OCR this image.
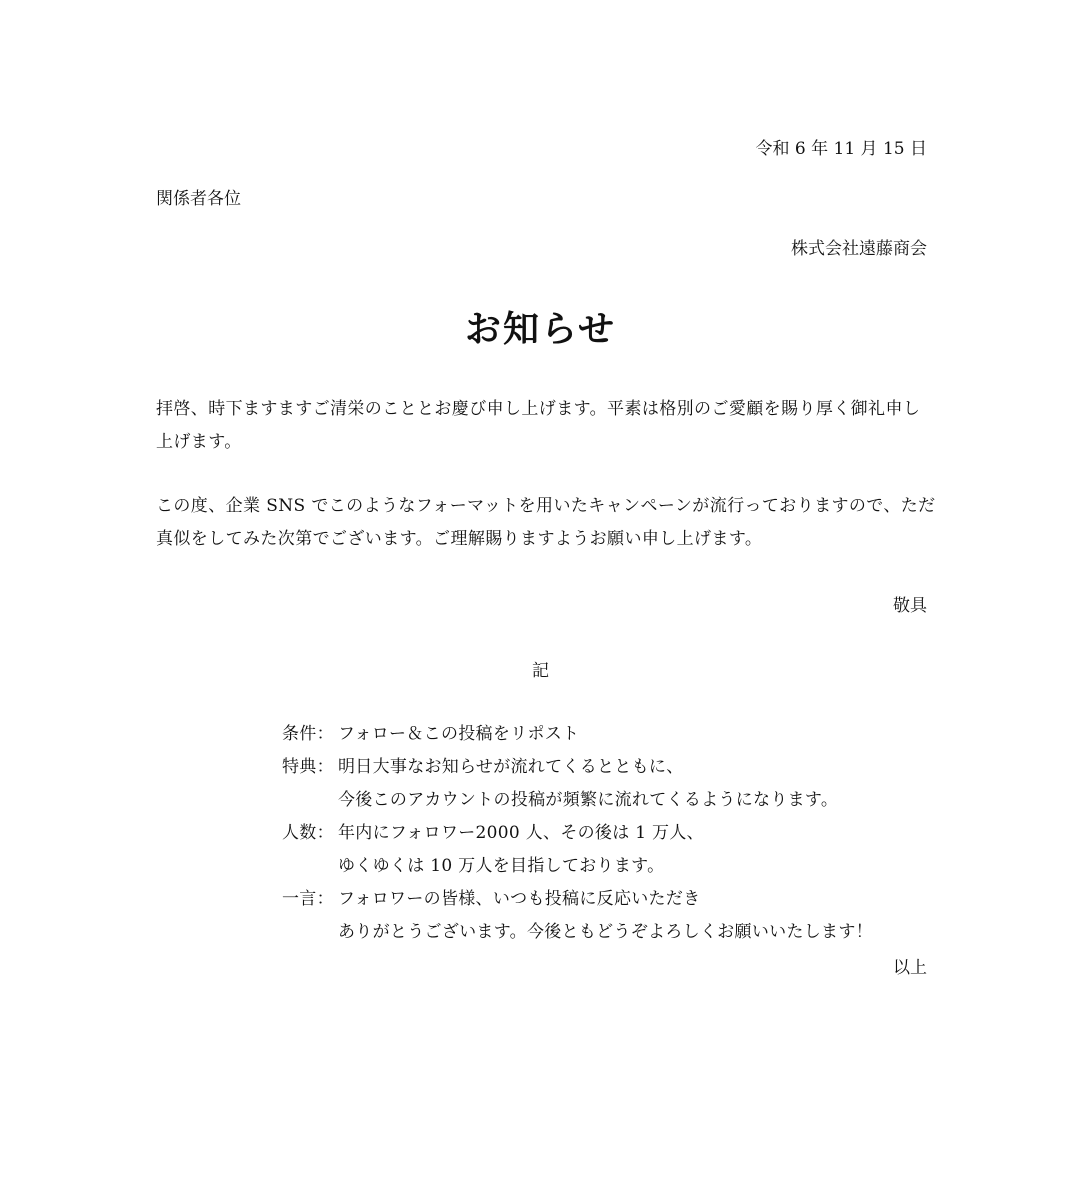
令和 6 年 11 月 15 日

関係者各位

株式会社遠藤商会

お知らせ

拝啓、時下ますますご清栄のこととお慶び申し上げます。平素は格別のご愛顧を賜り厚く御礼申し上げます。

この度、企業 SNS でこのようなフォーマットを用いたキャンペーンが流行っておりますので、ただ真似をしてみた次第でございます。ご理解賜りますようお願い申し上げます。

敬具

記

条件： フォロー＆この投稿をリポスト
特典： 明日大事なお知らせが流れてくるとともに、
今後このアカウントの投稿が頻繁に流れてくるようになります。
人数： 年内にフォロワー2000 人、その後は 1 万人、
ゆくゆくは 10 万人を目指しております。
一言： フォロワーの皆様、いつも投稿に反応いただき
ありがとうございます。今後ともどうぞよろしくお願いいたします！

以上
